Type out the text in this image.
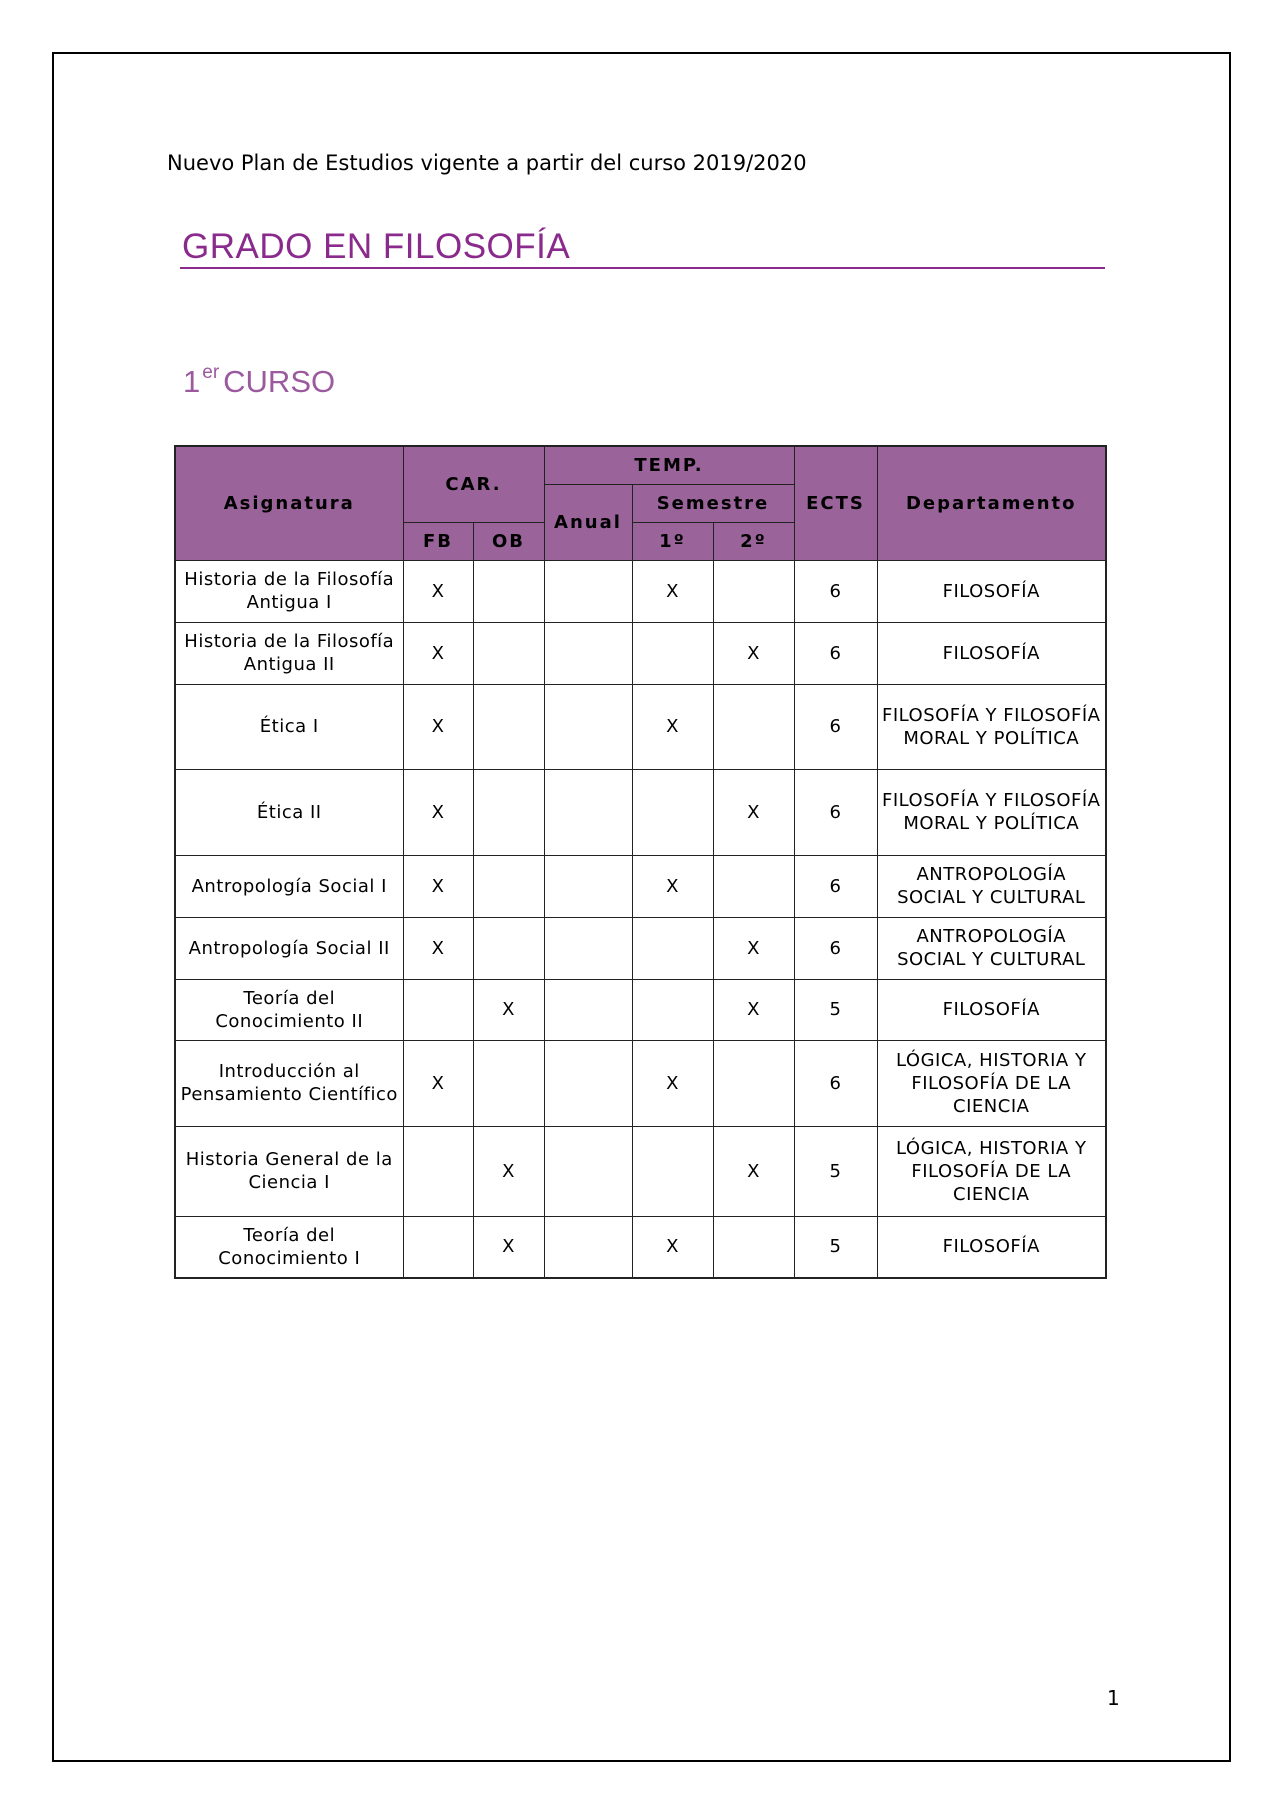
Nuevo Plan de Estudios vigente a partir del curso 2019/2020
GRADO EN FILOSOFÍA
1 $^{er}$ CURSO
Asignatura	CAR.		TEMP.			ECTS	Departamento
			Anual	Semestre			
	FB	OB		1º	2º		
Historia de la Filosofía Antigua I	X			X		6	FILOSOFÍA
Historia de la Filosofía Antigua II	X				X	6	FILOSOFÍA
Ética I	X			X		6	FILOSOFÍA Y FILOSOFÍA MORAL Y POLÍTICA
Ética II	X				X	6	FILOSOFÍA Y FILOSOFÍA MORAL Y POLÍTICA
Antropología Social I	X			X		6	ANTROPOLOGÍA SOCIAL Y CULTURAL
Antropología Social II	X				X	6	ANTROPOLOGÍA SOCIAL Y CULTURAL
Teoría del Conocimiento II		X			X	5	FILOSOFÍA
Introducción al Pensamiento Científico	X			X		6	LÓGICA, HISTORIA Y FILOSOFÍA DE LA CIENCIA
Historia General de la Ciencia I		X			X	5	LÓGICA, HISTORIA Y FILOSOFÍA DE LA CIENCIA
Teoría del Conocimiento I		X		X		5	FILOSOFÍA
1
